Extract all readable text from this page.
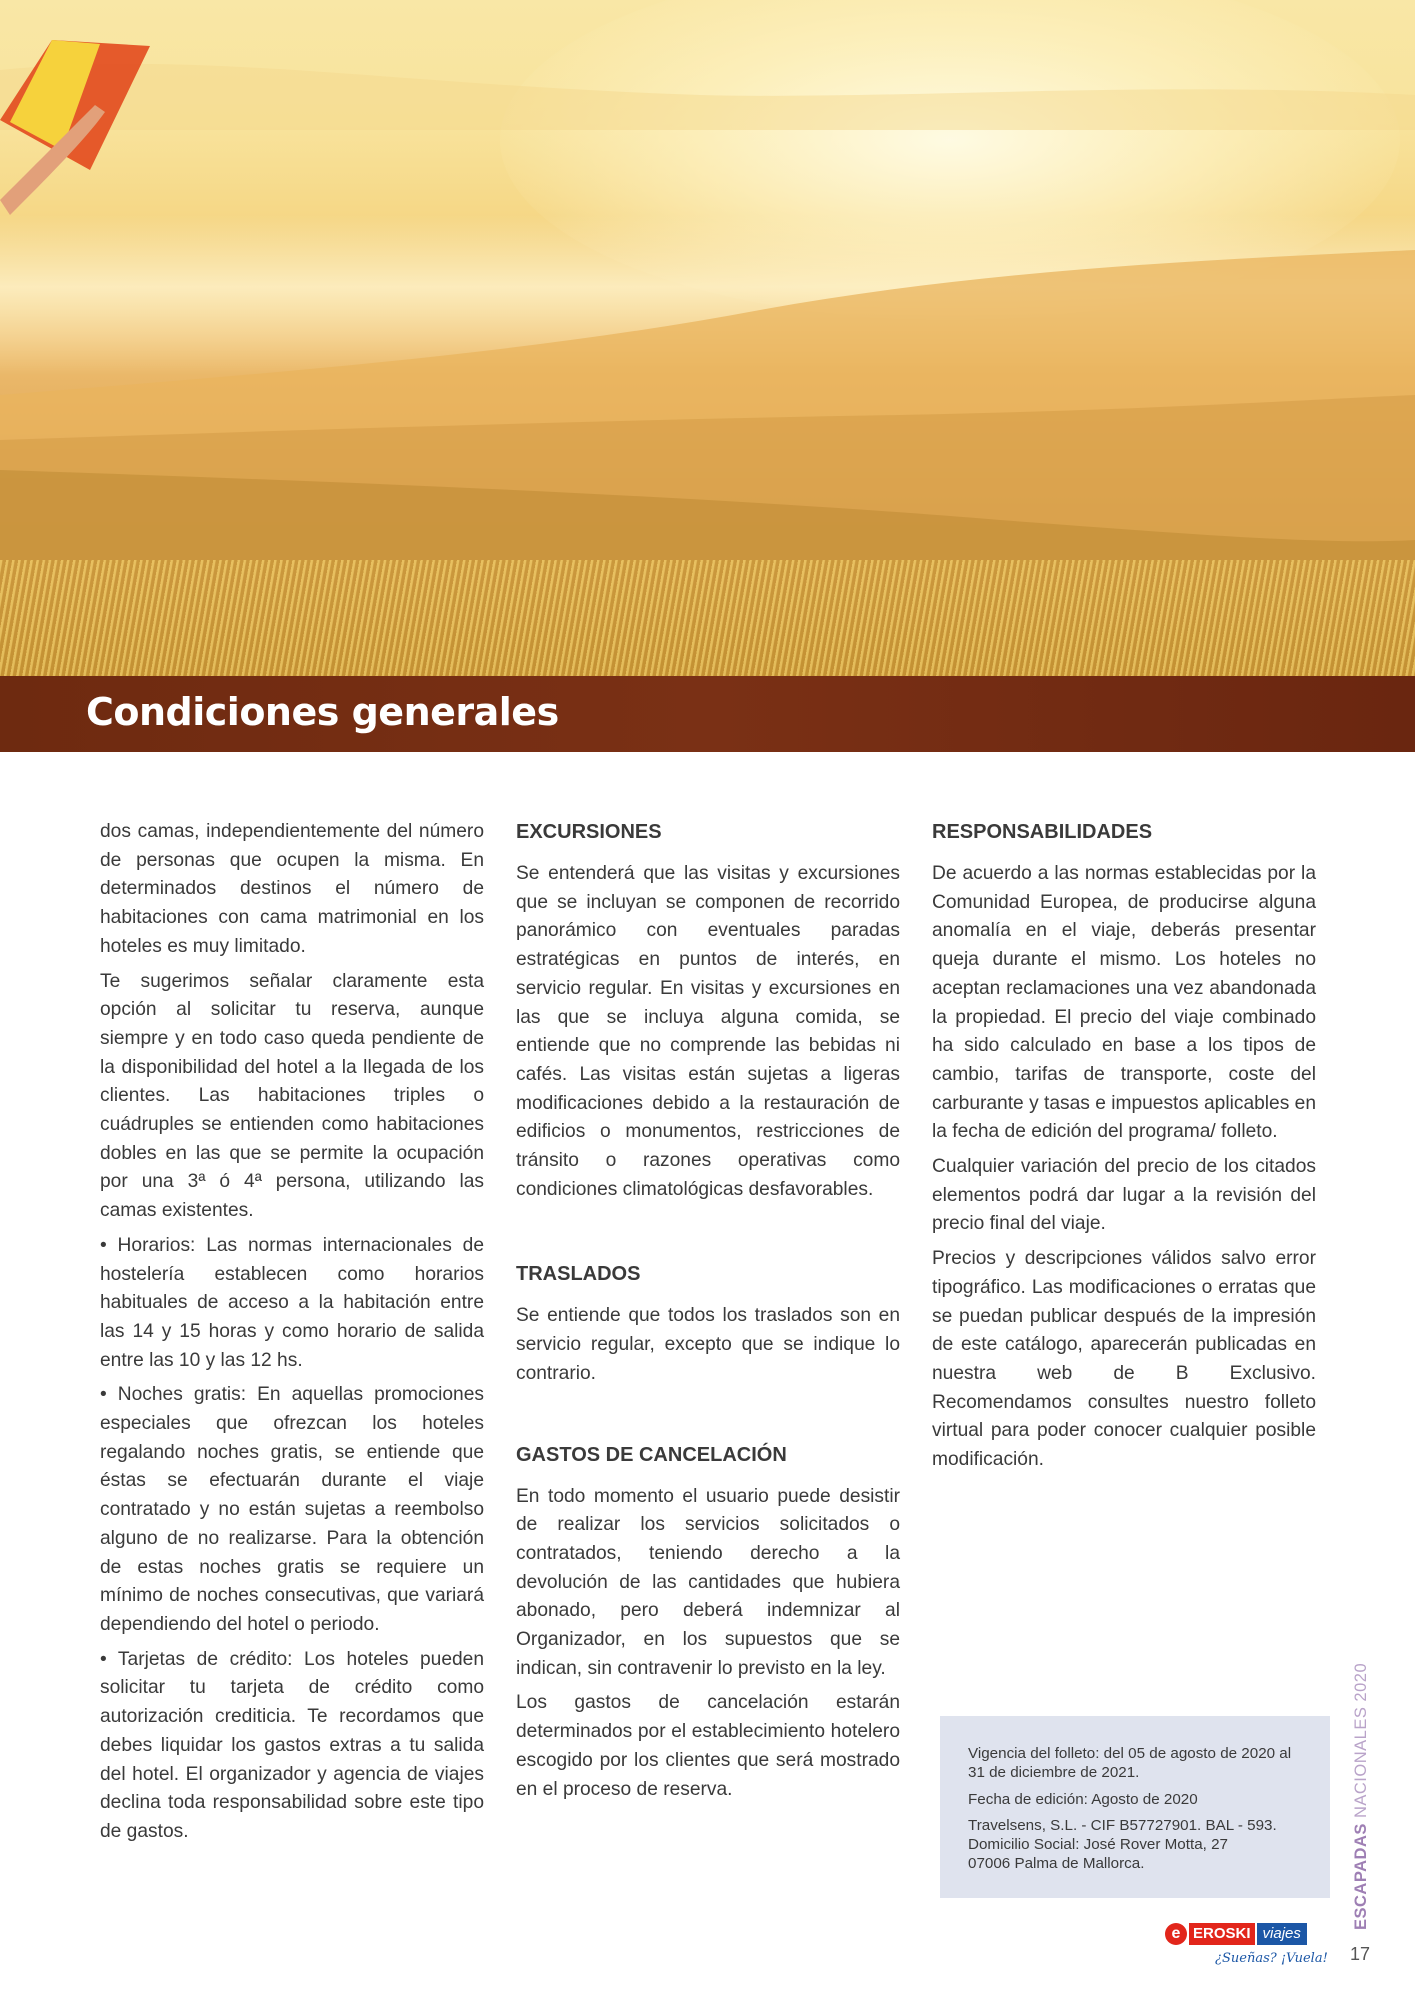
Condiciones generales

dos camas, independientemente del número de personas que ocupen la misma. En determinados destinos el número de habitaciones con cama matrimonial en los hoteles es muy limitado.

Te sugerimos señalar claramente esta opción al solicitar tu reserva, aunque siempre y en todo caso queda pendiente de la disponibilidad del hotel a la llegada de los clientes. Las habitaciones triples o cuádruples se entienden como habitaciones dobles en las que se permite la ocupación por una 3ª ó 4ª persona, utilizando las camas existentes.

• Horarios: Las normas internacionales de hostelería establecen como horarios habituales de acceso a la habitación entre las 14 y 15 horas y como horario de salida entre las 10 y las 12 hs.

• Noches gratis: En aquellas promociones especiales que ofrezcan los hoteles regalando noches gratis, se entiende que éstas se efectuarán durante el viaje contratado y no están sujetas a reembolso alguno de no realizarse. Para la obtención de estas noches gratis se requiere un mínimo de noches consecutivas, que variará dependiendo del hotel o periodo.

• Tarjetas de crédito: Los hoteles pueden solicitar tu tarjeta de crédito como autorización crediticia. Te recordamos que debes liquidar los gastos extras a tu salida del hotel. El organizador y agencia de viajes declina toda responsabilidad sobre este tipo de gastos.

EXCURSIONES

Se entenderá que las visitas y excursiones que se incluyan se componen de recorrido panorámico con eventuales paradas estratégicas en puntos de interés, en servicio regular. En visitas y excursiones en las que se incluya alguna comida, se entiende que no comprende las bebidas ni cafés. Las visitas están sujetas a ligeras modificaciones debido a la restauración de edificios o monumentos, restricciones de tránsito o razones operativas como condiciones climatológicas desfavorables.

TRASLADOS

Se entiende que todos los traslados son en servicio regular, excepto que se indique lo contrario.

GASTOS DE CANCELACIÓN

En todo momento el usuario puede desistir de realizar los servicios solicitados o contratados, teniendo derecho a la devolución de las cantidades que hubiera abonado, pero deberá indemnizar al Organizador, en los supuestos que se indican, sin contravenir lo previsto en la ley.

Los gastos de cancelación estarán determinados por el establecimiento hotelero escogido por los clientes que será mostrado en el proceso de reserva.

RESPONSABILIDADES

De acuerdo a las normas establecidas por la Comunidad Europea, de producirse alguna anomalía en el viaje, deberás presentar queja durante el mismo. Los hoteles no aceptan reclamaciones una vez abandonada la propiedad. El precio del viaje combinado ha sido calculado en base a los tipos de cambio, tarifas de transporte, coste del carburante y tasas e impuestos aplicables en la fecha de edición del programa/ folleto.

Cualquier variación del precio de los citados elementos podrá dar lugar a la revisión del precio final del viaje.

Precios y descripciones válidos salvo error tipográfico. Las modificaciones o erratas que se puedan publicar después de la impresión de este catálogo, aparecerán publicadas en nuestra web de B Exclusivo. Recomendamos consultes nuestro folleto virtual para poder conocer cualquier posible modificación.

Vigencia del folleto: del 05 de agosto de 2020 al 31 de diciembre de 2021.

Fecha de edición: Agosto de 2020

Travelsens, S.L. - CIF B57727901. BAL - 593.

Domicilio Social: José Rover Motta, 27

07006 Palma de Mallorca.	ESCAPADAS NACIONALES 2020
e EROSKI viajes
¿Sueñas? ¡Vuela! 17
